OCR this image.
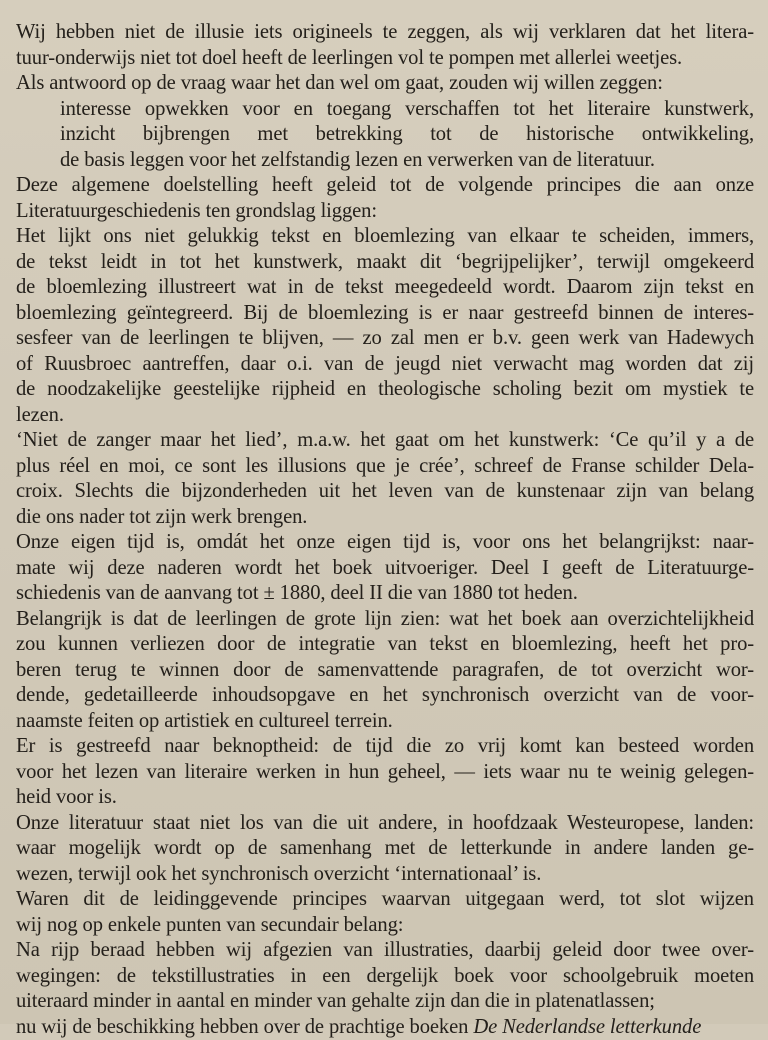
Wij hebben niet de illusie iets origineels te zeggen, als wij verklaren dat het litera-
tuur-onderwijs niet tot doel heeft de leerlingen vol te pompen met allerlei weetjes.

Als antwoord op de vraag waar het dan wel om gaat, zouden wij willen zeggen:

interesse opwekken voor en toegang verschaffen tot het literaire kunstwerk,
inzicht bijbrengen met betrekking tot de historische ontwikkeling,
de basis leggen voor het zelfstandig lezen en verwerken van de literatuur.

Deze algemene doelstelling heeft geleid tot de volgende principes die aan onze
Literatuurgeschiedenis ten grondslag liggen:

Het lijkt ons niet gelukkig tekst en bloemlezing van elkaar te scheiden, immers,
de tekst leidt in tot het kunstwerk, maakt dit ‘begrijpelijker’, terwijl omgekeerd
de bloemlezing illustreert wat in de tekst meegedeeld wordt. Daarom zijn tekst en
bloemlezing geïntegreerd. Bij de bloemlezing is er naar gestreefd binnen de interes-
sesfeer van de leerlingen te blijven, — zo zal men er b.v. geen werk van Hadewych
of Ruusbroec aantreffen, daar o.i. van de jeugd niet verwacht mag worden dat zij
de noodzakelijke geestelijke rijpheid en theologische scholing bezit om mystiek te
lezen.

‘Niet de zanger maar het lied’, m.a.w. het gaat om het kunstwerk: ‘Ce qu’il y a de
plus réel en moi, ce sont les illusions que je crée’, schreef de Franse schilder Dela-
croix. Slechts die bijzonderheden uit het leven van de kunstenaar zijn van belang
die ons nader tot zijn werk brengen.

Onze eigen tijd is, omdát het onze eigen tijd is, voor ons het belangrijkst: naar-
mate wij deze naderen wordt het boek uitvoeriger. Deel I geeft de Literatuurge-
schiedenis van de aanvang tot ± 1880, deel II die van 1880 tot heden.

Belangrijk is dat de leerlingen de grote lijn zien: wat het boek aan overzichtelijkheid
zou kunnen verliezen door de integratie van tekst en bloemlezing, heeft het pro-
beren terug te winnen door de samenvattende paragrafen, de tot overzicht wor-
dende, gedetailleerde inhoudsopgave en het synchronisch overzicht van de voor-
naamste feiten op artistiek en cultureel terrein.

Er is gestreefd naar beknoptheid: de tijd die zo vrij komt kan besteed worden
voor het lezen van literaire werken in hun geheel, — iets waar nu te weinig gelegen-
heid voor is.

Onze literatuur staat niet los van die uit andere, in hoofdzaak Westeuropese, landen:
waar mogelijk wordt op de samenhang met de letterkunde in andere landen ge-
wezen, terwijl ook het synchronisch overzicht ‘internationaal’ is.

Waren dit de leidinggevende principes waarvan uitgegaan werd, tot slot wijzen
wij nog op enkele punten van secundair belang:

Na rijp beraad hebben wij afgezien van illustraties, daarbij geleid door twee over-
wegingen: de tekstillustraties in een dergelijk boek voor schoolgebruik moeten
uiteraard minder in aantal en minder van gehalte zijn dan die in platenatlassen;

nu wij de beschikking hebben over de prachtige boeken De Nederlandse letterkunde
